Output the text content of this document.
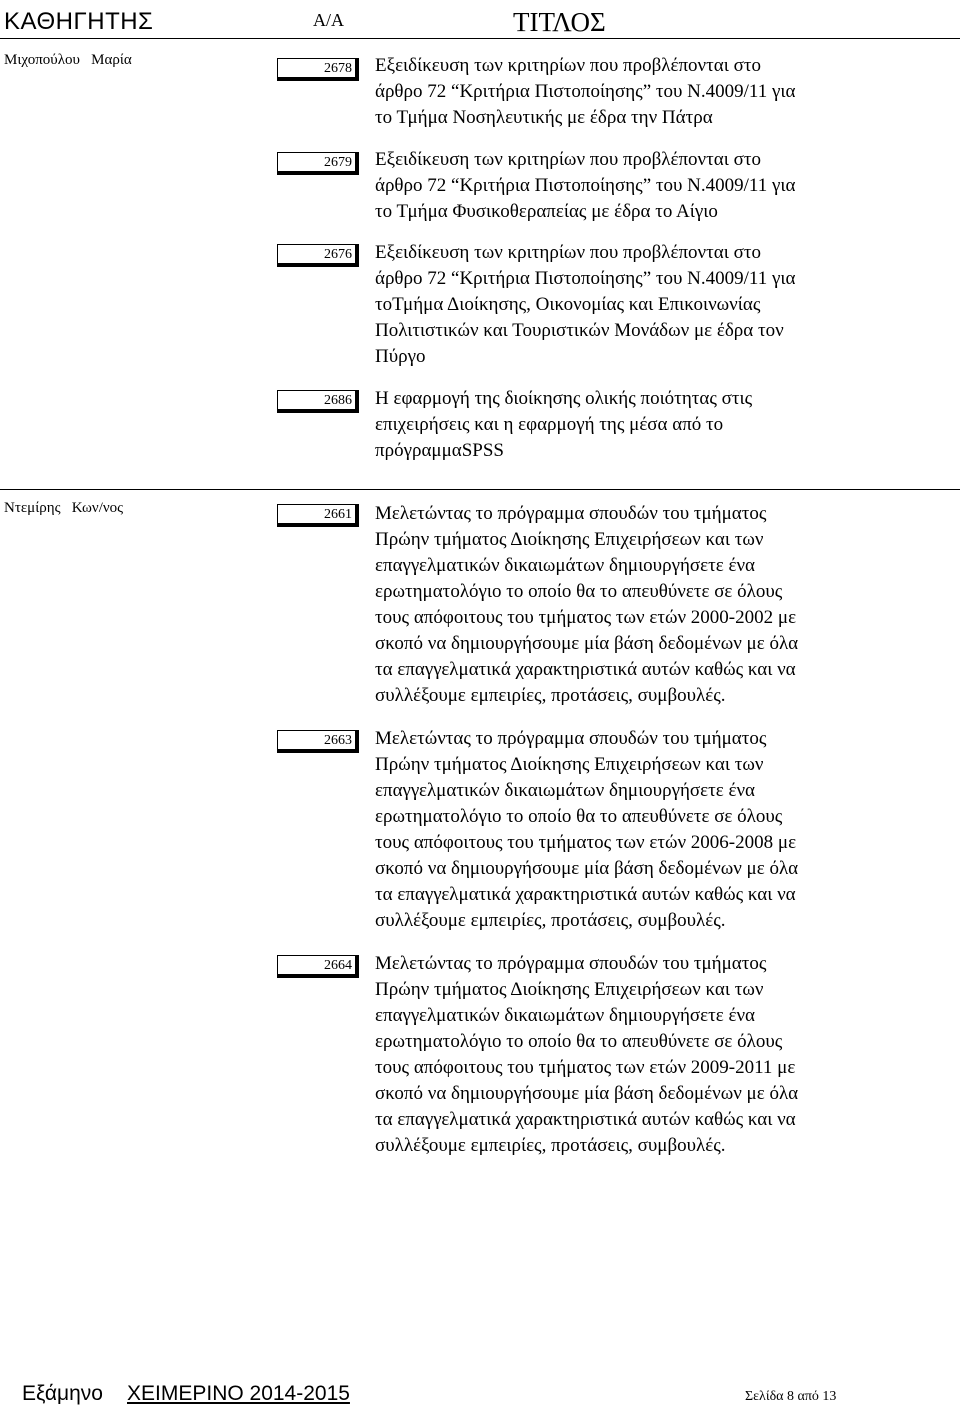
ΚΑΘΗΓΗΤΗΣ	Α/Α	ΤΙΤΛΟΣ
Μιχοπούλου   Μαρία
2678 Εξειδίκευση των κριτηρίων που προβλέπονται στο
άρθρο 72 “Κριτήρια Πιστοποίησης” του Ν.4009/11 για
το Τμήμα Νοσηλευτικής με έδρα την Πάτρα
2679 Εξειδίκευση των κριτηρίων που προβλέπονται στο
άρθρο 72 “Κριτήρια Πιστοποίησης” του Ν.4009/11 για
το Τμήμα Φυσικοθεραπείας με έδρα το Αίγιο
2676 Εξειδίκευση των κριτηρίων που προβλέπονται στο
άρθρο 72 “Κριτήρια Πιστοποίησης” του Ν.4009/11 για
τοΤμήμα Διοίκησης, Οικονομίας και Επικοινωνίας
Πολιτιστικών και Τουριστικών Μονάδων με έδρα τον
Πύργο
2686 Η εφαρμογή της διοίκησης ολικής ποιότητας στις
επιχειρήσεις και η εφαρμογή της μέσα από το
πρόγραμμαSPSS
Ντεμίρης   Κων/νος	2661 Μελετώντας το πρόγραμμα σπουδών του τμήματος
Πρώην τμήματος Διοίκησης Επιχειρήσεων και των
επαγγελματικών δικαιωμάτων δημιουργήσετε ένα
ερωτηματολόγιο το οποίο θα το απευθύνετε σε όλους
τους απόφοιτους του τμήματος των ετών 2000-2002 με
σκοπό να δημιουργήσουμε μία βάση δεδομένων με όλα
τα επαγγελματικά χαρακτηριστικά αυτών καθώς και να
συλλέξουμε εμπειρίες, προτάσεις, συμβουλές.
2663 Μελετώντας το πρόγραμμα σπουδών του τμήματος
Πρώην τμήματος Διοίκησης Επιχειρήσεων και των
επαγγελματικών δικαιωμάτων δημιουργήσετε ένα
ερωτηματολόγιο το οποίο θα το απευθύνετε σε όλους
τους απόφοιτους του τμήματος των ετών 2006-2008 με
σκοπό να δημιουργήσουμε μία βάση δεδομένων με όλα
τα επαγγελματικά χαρακτηριστικά αυτών καθώς και να
συλλέξουμε εμπειρίες, προτάσεις, συμβουλές.
2664 Μελετώντας το πρόγραμμα σπουδών του τμήματος
Πρώην τμήματος Διοίκησης Επιχειρήσεων και των
επαγγελματικών δικαιωμάτων δημιουργήσετε ένα
ερωτηματολόγιο το οποίο θα το απευθύνετε σε όλους
τους απόφοιτους του τμήματος των ετών 2009-2011 με
σκοπό να δημιουργήσουμε μία βάση δεδομένων με όλα
τα επαγγελματικά χαρακτηριστικά αυτών καθώς και να
συλλέξουμε εμπειρίες, προτάσεις, συμβουλές.
Εξάμηνο ΧΕΙΜΕΡΙΝΟ 2014-2015	Σελίδα 8 από 13
